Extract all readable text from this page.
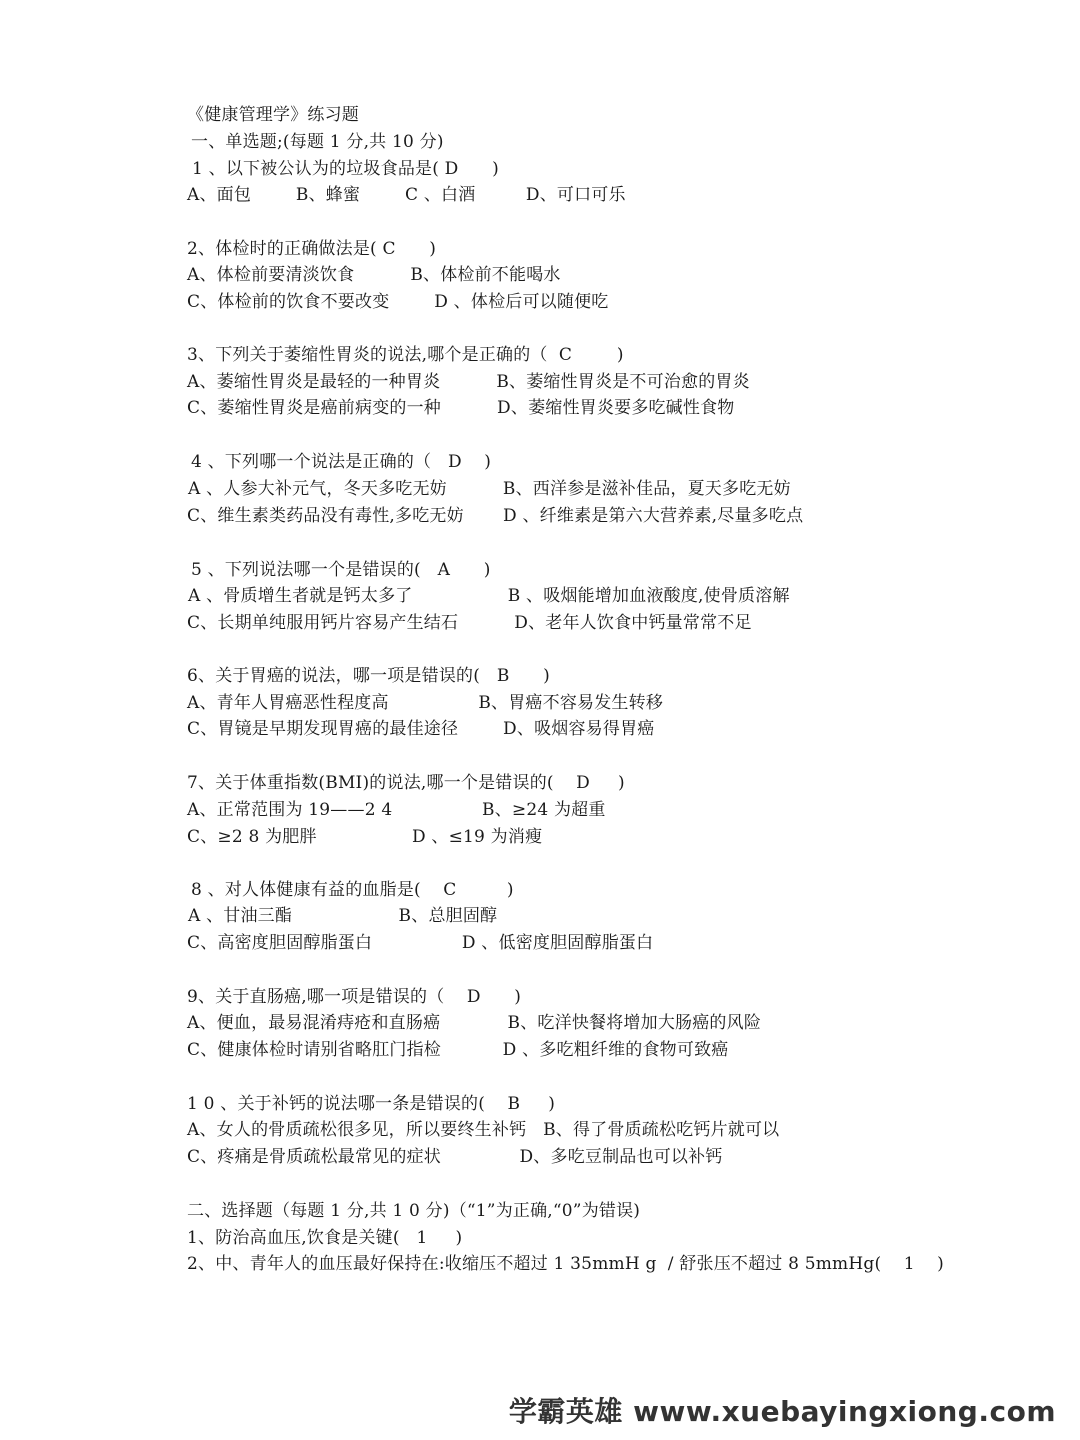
《健康管理学》练习题
一、单选题;(每题 1 分,共 10 分)
1 、以下被公认为的垃圾食品是( D      )
A、面包        B、蜂蜜        C 、白酒         D、可口可乐
2、体检时的正确做法是( C      )
A、体检前要清淡饮食          B、体检前不能喝水
C、体检前的饮食不要改变        D 、体检后可以随便吃
3、下列关于萎缩性胃炎的说法,哪个是正确的（  C        )
A、萎缩性胃炎是最轻的一种胃炎          B、萎缩性胃炎是不可治愈的胃炎
C、萎缩性胃炎是癌前病变的一种          D、萎缩性胃炎要多吃碱性食物
4 、下列哪一个说法是正确的（   D    )
A 、人参大补元气，冬天多吃无妨          B、西洋参是滋补佳品，夏天多吃无妨
C、维生素类药品没有毒性,多吃无妨       D 、纤维素是第六大营养素,尽量多吃点
5 、下列说法哪一个是错误的(   A      )
A 、骨质增生者就是钙太多了                 B 、吸烟能增加血液酸度,使骨质溶解
C、长期单纯服用钙片容易产生结石          D、老年人饮食中钙量常常不足
6、关于胃癌的说法，哪一项是错误的(   B      )
A、青年人胃癌恶性程度高                B、胃癌不容易发生转移
C、胃镜是早期发现胃癌的最佳途径        D、吸烟容易得胃癌
7、关于体重指数(BMI)的说法,哪一个是错误的(    D     )
A、正常范围为 19——2 4                B、≥24 为超重
C、≥2 8 为肥胖                 D 、≤19 为消瘦
8 、对人体健康有益的血脂是(    C         )
A 、甘油三酯                   B、总胆固醇
C、高密度胆固醇脂蛋白                D 、低密度胆固醇脂蛋白
9、关于直肠癌,哪一项是错误的（    D      )
A、便血，最易混淆痔疮和直肠癌            B、吃洋快餐将增加大肠癌的风险
C、健康体检时请别省略肛门指检           D 、多吃粗纤维的食物可致癌
1 0 、关于补钙的说法哪一条是错误的(    B     )
A、女人的骨质疏松很多见，所以要终生补钙   B、得了骨质疏松吃钙片就可以
C、疼痛是骨质疏松最常见的症状              D、多吃豆制品也可以补钙
二、选择题（每题 1 分,共 1 0 分)（“1”为正确,“0”为错误)
1、防治高血压,饮食是关键(   1     )
2、中、青年人的血压最好保持在:收缩压不超过 1 35mmH g  / 舒张压不超过 8 5mmHg(    1    )
学霸英雄 www.xuebayingxiong.com
